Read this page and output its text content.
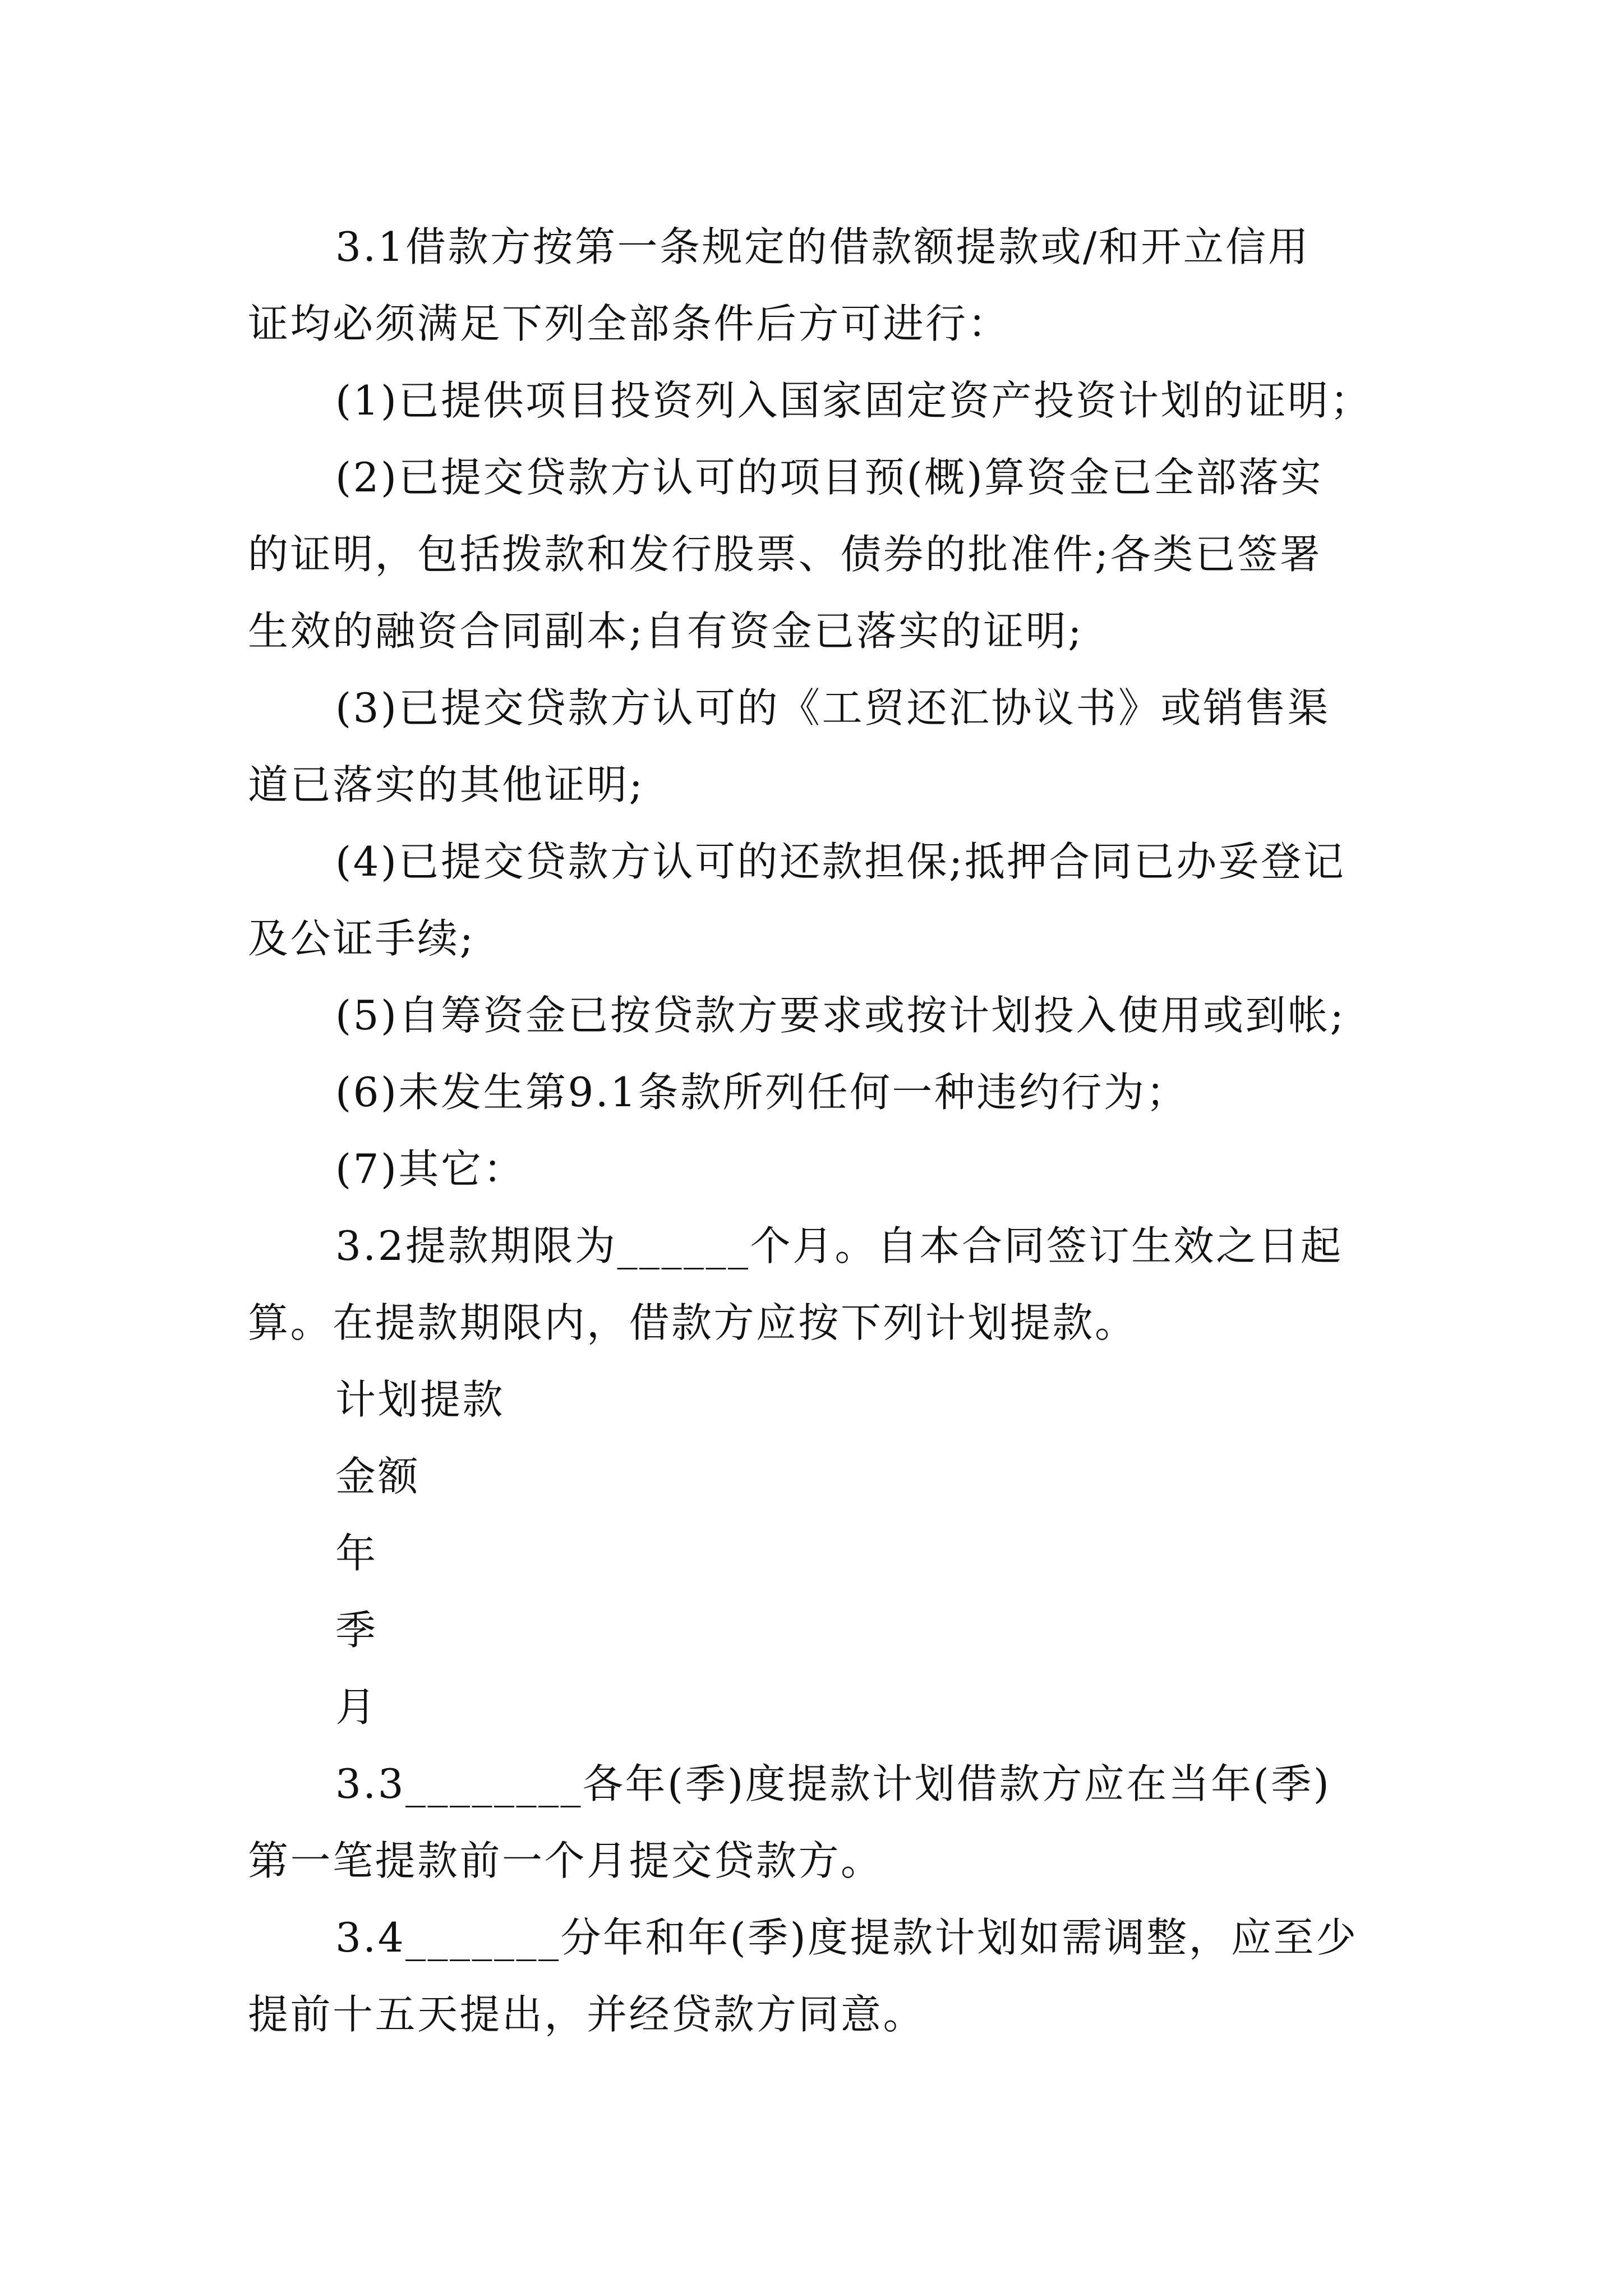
3.1借款方按第一条规定的借款额提款或/和开立信用
证均必须满足下列全部条件后方可进行：
(1)已提供项目投资列入国家固定资产投资计划的证明；
(2)已提交贷款方认可的项目预(概)算资金已全部落实
的证明，包括拨款和发行股票、债券的批准件;各类已签署
生效的融资合同副本;自有资金已落实的证明;
(3)已提交贷款方认可的《工贸还汇协议书》或销售渠
道已落实的其他证明;
(4)已提交贷款方认可的还款担保;抵押合同已办妥登记
及公证手续;
(5)自筹资金已按贷款方要求或按计划投入使用或到帐;
(6)未发生第9.1条款所列任何一种违约行为；
(7)其它：
3.2提款期限为______个月。自本合同签订生效之日起
算。在提款期限内，借款方应按下列计划提款。
计划提款
金额
年
季
月
3.3________各年(季)度提款计划借款方应在当年(季)
第一笔提款前一个月提交贷款方。
3.4_______分年和年(季)度提款计划如需调整，应至少
提前十五天提出，并经贷款方同意。
